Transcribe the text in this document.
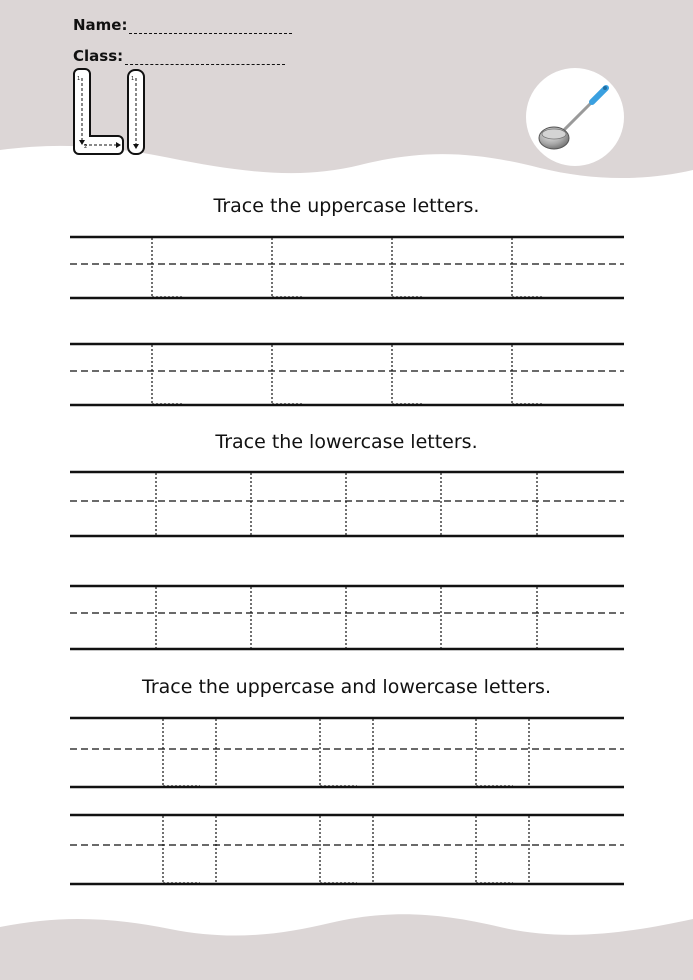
Name:
Class:
1
2
1
Trace the uppercase letters.
Trace the lowercase letters.
Trace the uppercase and lowercase letters.
